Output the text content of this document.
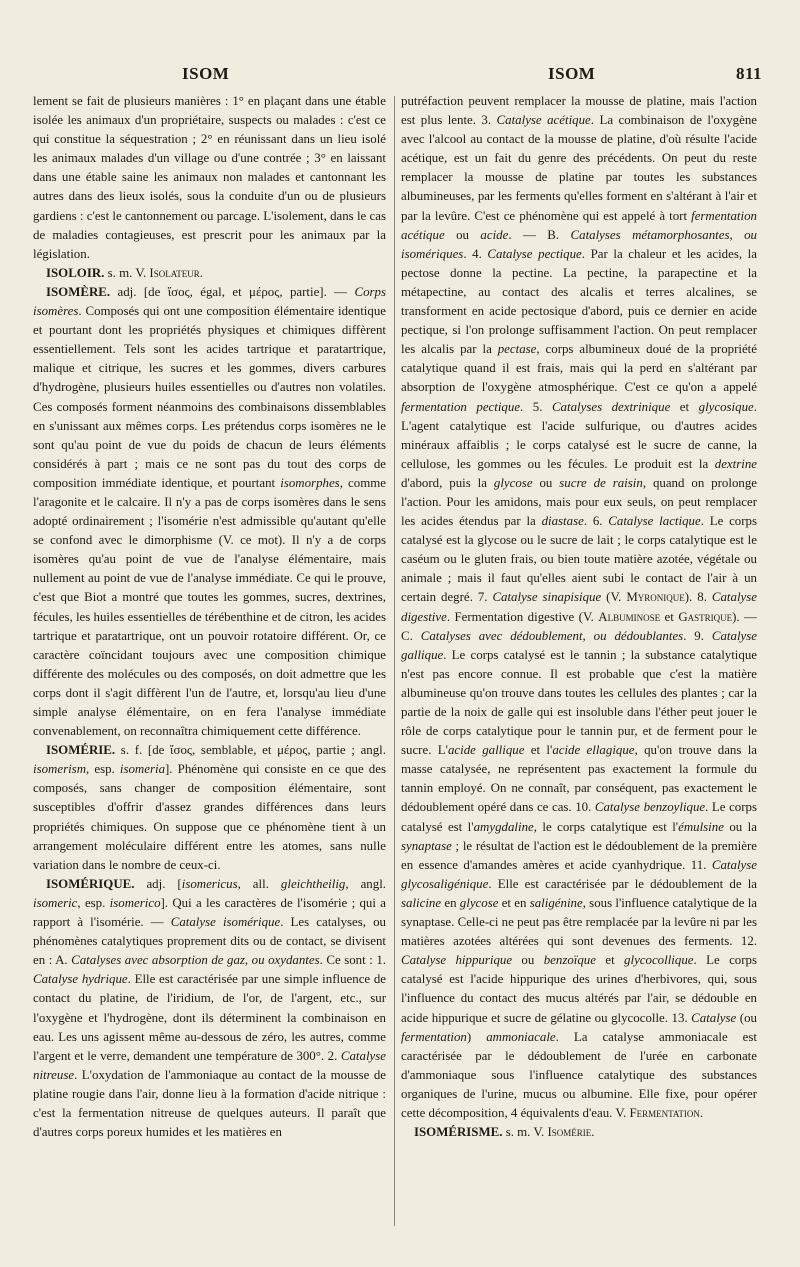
ISOM	ISOM	811

lement se fait de plusieurs manières : 1° en plaçant dans une étable isolée les animaux d'un propriétaire, suspects ou malades : c'est ce qui constitue la séquestration ; 2° en réunissant dans un lieu isolé les animaux malades d'un village ou d'une contrée ; 3° en laissant dans une étable saine les animaux non malades et cantonnant les autres dans des lieux isolés, sous la conduite d'un ou de plusieurs gardiens : c'est le cantonnement ou parcage. L'isolement, dans le cas de maladies contagieuses, est prescrit pour les animaux par la législation.

ISOLOIR. s. m. V. Isolateur.

ISOMÈRE. adj. [de ἴσος, égal, et μέρος, partie]. — Corps isomères. Composés qui ont une composition élémentaire identique et pourtant dont les propriétés physiques et chimiques diffèrent essentiellement. Tels sont les acides tartrique et paratartrique, malique et citrique, les sucres et les gommes, divers carbures d'hydrogène, plusieurs huiles essentielles ou d'autres non volatiles. Ces composés forment néanmoins des combinaisons dissemblables en s'unissant aux mêmes corps. Les prétendus corps isomères ne le sont qu'au point de vue du poids de chacun de leurs éléments considérés à part ; mais ce ne sont pas du tout des corps de composition immédiate identique, et pourtant isomorphes, comme l'aragonite et le calcaire. Il n'y a pas de corps isomères dans le sens adopté ordinairement ; l'isomérie n'est admissible qu'autant qu'elle se confond avec le dimorphisme (V. ce mot). Il n'y a de corps isomères qu'au point de vue de l'analyse élémentaire, mais nullement au point de vue de l'analyse immédiate. Ce qui le prouve, c'est que Biot a montré que toutes les gommes, sucres, dextrines, fécules, les huiles essentielles de térébenthine et de citron, les acides tartrique et paratartrique, ont un pouvoir rotatoire différent. Or, ce caractère coïncidant toujours avec une composition chimique différente des molécules ou des composés, on doit admettre que les corps dont il s'agit diffèrent l'un de l'autre, et, lorsqu'au lieu d'une simple analyse élémentaire, on en fera l'analyse immédiate convenablement, on reconnaîtra chimiquement cette différence.

ISOMÉRIE. s. f. [de ἴσος, semblable, et μέρος, partie ; angl. isomerism, esp. isomeria]. Phénomène qui consiste en ce que des composés, sans changer de composition élémentaire, sont susceptibles d'offrir d'assez grandes différences dans leurs propriétés chimiques. On suppose que ce phénomène tient à un arrangement moléculaire différent entre les atomes, sans nulle variation dans le nombre de ceux-ci.

ISOMÉRIQUE. adj. [isomericus, all. gleichtheilig, angl. isomeric, esp. isomerico]. Qui a les caractères de l'isomérie ; qui a rapport à l'isomérie. — Catalyse isomérique. Les catalyses, ou phénomènes catalytiques proprement dits ou de contact, se divisent en : A. Catalyses avec absorption de gaz, ou oxydantes. Ce sont : 1. Catalyse hydrique. Elle est caractérisée par une simple influence de contact du platine, de l'iridium, de l'or, de l'argent, etc., sur l'oxygène et l'hydrogène, dont ils déterminent la combinaison en eau. Les uns agissent même au-dessous de zéro, les autres, comme l'argent et le verre, demandent une température de 300°. 2. Catalyse nitreuse. L'oxydation de l'ammoniaque au contact de la mousse de platine rougie dans l'air, donne lieu à la formation d'acide nitrique : c'est la fermentation nitreuse de quelques auteurs. Il paraît que d'autres corps poreux humides et les matières en

putréfaction peuvent remplacer la mousse de platine, mais l'action est plus lente. 3. Catalyse acétique. La combinaison de l'oxygène avec l'alcool au contact de la mousse de platine, d'où résulte l'acide acétique, est un fait du genre des précédents. On peut du reste remplacer la mousse de platine par toutes les substances albumineuses, par les ferments qu'elles forment en s'altérant à l'air et par la levûre. C'est ce phénomène qui est appelé à tort fermentation acétique ou acide. — B. Catalyses métamorphosantes, ou isomériques. 4. Catalyse pectique. Par la chaleur et les acides, la pectose donne la pectine. La pectine, la parapectine et la métapectine, au contact des alcalis et terres alcalines, se transforment en acide pectosique d'abord, puis ce dernier en acide pectique, si l'on prolonge suffisamment l'action. On peut remplacer les alcalis par la pectase, corps albumineux doué de la propriété catalytique quand il est frais, mais qui la perd en s'altérant par absorption de l'oxygène atmosphérique. C'est ce qu'on a appelé fermentation pectique. 5. Catalyses dextrinique et glycosique. L'agent catalytique est l'acide sulfurique, ou d'autres acides minéraux affaiblis ; le corps catalysé est le sucre de canne, la cellulose, les gommes ou les fécules. Le produit est la dextrine d'abord, puis la glycose ou sucre de raisin, quand on prolonge l'action. Pour les amidons, mais pour eux seuls, on peut remplacer les acides étendus par la diastase. 6. Catalyse lactique. Le corps catalysé est la glycose ou le sucre de lait ; le corps catalytique est le caséum ou le gluten frais, ou bien toute matière azotée, végétale ou animale ; mais il faut qu'elles aient subi le contact de l'air à un certain degré. 7. Catalyse sinapisique (V. Myronique). 8. Catalyse digestive. Fermentation digestive (V. Albuminose et Gastrique). — C. Catalyses avec dédoublement, ou dédoublantes. 9. Catalyse gallique. Le corps catalysé est le tannin ; la substance catalytique n'est pas encore connue. Il est probable que c'est la matière albumineuse qu'on trouve dans toutes les cellules des plantes ; car la partie de la noix de galle qui est insoluble dans l'éther peut jouer le rôle de corps catalytique pour le tannin pur, et de ferment pour le sucre. L'acide gallique et l'acide ellagique, qu'on trouve dans la masse catalysée, ne représentent pas exactement la formule du tannin employé. On ne connaît, par conséquent, pas exactement le dédoublement opéré dans ce cas. 10. Catalyse benzoylique. Le corps catalysé est l'amygdaline, le corps catalytique est l'émulsine ou la synaptase ; le résultat de l'action est le dédoublement de la première en essence d'amandes amères et acide cyanhydrique. 11. Catalyse glycosaligénique. Elle est caractérisée par le dédoublement de la salicine en glycose et en saligénine, sous l'influence catalytique de la synaptase. Celle-ci ne peut pas être remplacée par la levûre ni par les matières azotées altérées qui sont devenues des ferments. 12. Catalyse hippurique ou benzoïque et glycocollique. Le corps catalysé est l'acide hippurique des urines d'herbivores, qui, sous l'influence du contact des mucus altérés par l'air, se dédouble en acide hippurique et sucre de gélatine ou glycocolle. 13. Catalyse (ou fermentation) ammoniacale. La catalyse ammoniacale est caractérisée par le dédoublement de l'urée en carbonate d'ammoniaque sous l'influence catalytique des substances organiques de l'urine, mucus ou albumine. Elle fixe, pour opérer cette décomposition, 4 équivalents d'eau. V. Fermentation.

ISOMÉRISME. s. m. V. Isomérie.
